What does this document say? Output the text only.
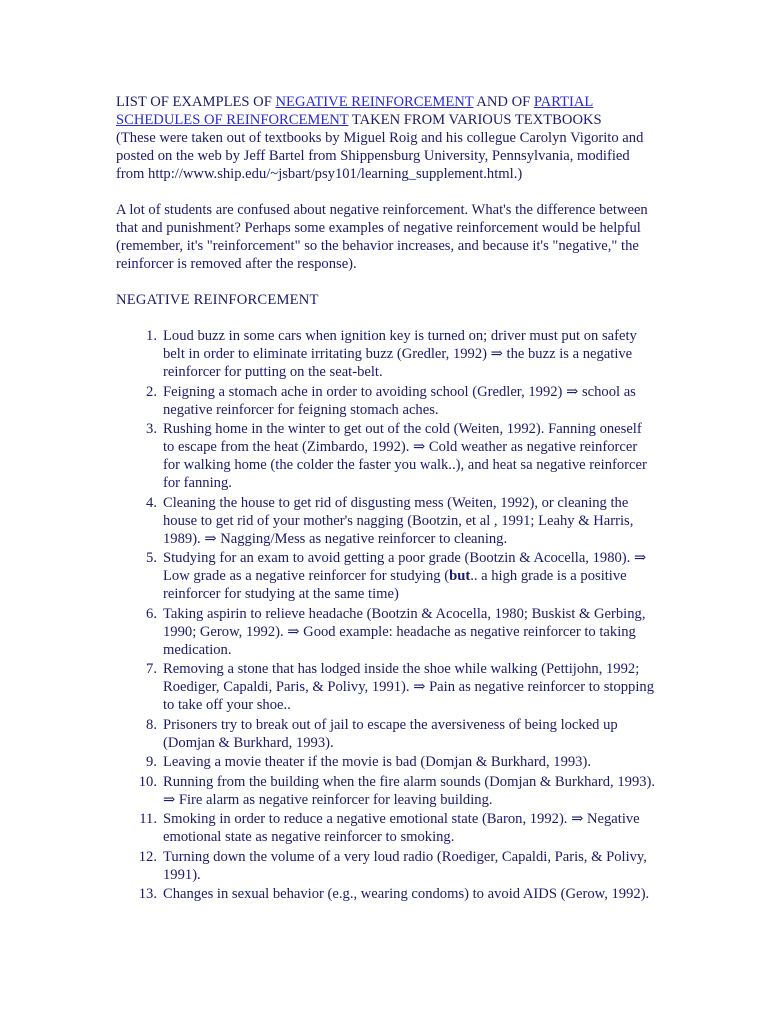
LIST OF EXAMPLES OF NEGATIVE REINFORCEMENT AND OF PARTIAL
SCHEDULES OF REINFORCEMENT TAKEN FROM VARIOUS TEXTBOOKS

(These were taken out of textbooks by Miguel Roig and his collegue Carolyn Vigorito and posted on the web by Jeff Bartel from Shippensburg University, Pennsylvania, modified from http://www.ship.edu/~jsbart/psy101/learning_supplement.html.)

A lot of students are confused about negative reinforcement. What's the difference between that and punishment? Perhaps some examples of negative reinforcement would be helpful (remember, it's "reinforcement" so the behavior increases, and because it's "negative," the reinforcer is removed after the response).

NEGATIVE REINFORCEMENT

Loud buzz in some cars when ignition key is turned on; driver must put on safety belt in order to eliminate irritating buzz (Gredler, 1992) ⇒ the buzz is a negative reinforcer for putting on the seat-belt.
Feigning a stomach ache in order to avoiding school (Gredler, 1992) ⇒ school as negative reinforcer for feigning stomach aches.
Rushing home in the winter to get out of the cold (Weiten, 1992). Fanning oneself to escape from the heat (Zimbardo, 1992). ⇒ Cold weather as negative reinforcer for walking home (the colder the faster you walk..), and heat sa negative reinforcer for fanning.
Cleaning the house to get rid of disgusting mess (Weiten, 1992), or cleaning the house to get rid of your mother's nagging (Bootzin, et al , 1991; Leahy & Harris, 1989). ⇒ Nagging/Mess as negative reinforcer to cleaning.
Studying for an exam to avoid getting a poor grade (Bootzin & Acocella, 1980). ⇒ Low grade as a negative reinforcer for studying (but.. a high grade is a positive reinforcer for studying at the same time)
Taking aspirin to relieve headache (Bootzin & Acocella, 1980; Buskist & Gerbing, 1990; Gerow, 1992). ⇒ Good example: headache as negative reinforcer to taking medication.
Removing a stone that has lodged inside the shoe while walking (Pettijohn, 1992; Roediger, Capaldi, Paris, & Polivy, 1991). ⇒ Pain as negative reinforcer to stopping to take off your shoe..
Prisoners try to break out of jail to escape the aversiveness of being locked up (Domjan & Burkhard, 1993).
Leaving a movie theater if the movie is bad (Domjan & Burkhard, 1993).
Running from the building when the fire alarm sounds (Domjan & Burkhard, 1993). ⇒ Fire alarm as negative reinforcer for leaving building.
Smoking in order to reduce a negative emotional state (Baron, 1992). ⇒ Negative emotional state as negative reinforcer to smoking.
Turning down the volume of a very loud radio (Roediger, Capaldi, Paris, & Polivy, 1991).
Changes in sexual behavior (e.g., wearing condoms) to avoid AIDS (Gerow, 1992).
